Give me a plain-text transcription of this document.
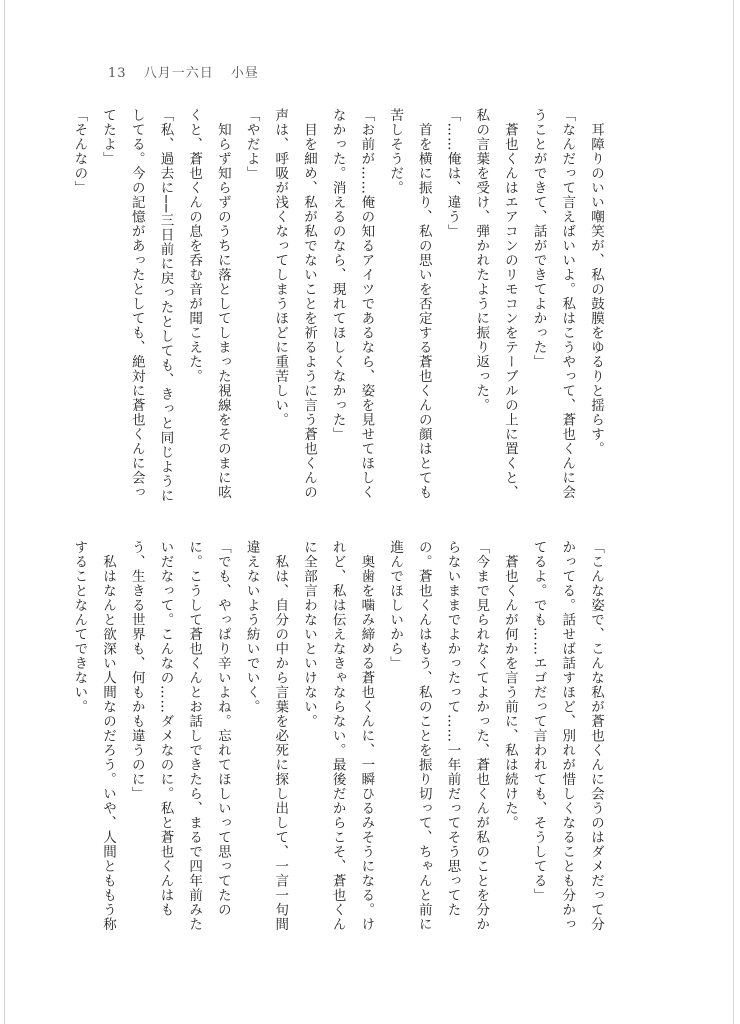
13 八月一六日 小昼

　耳障りのいい嘲笑が、私の鼓膜をゆるりと揺らす。

「なんだって言えばいいよ。私はこうやって、蒼也くんに会うことができて、話ができてよかった」

　蒼也くんはエアコンのリモコンをテーブルの上に置くと、私の言葉を受け、弾かれたように振り返った。

「……俺は、違う」

　首を横に振り、私の思いを否定する蒼也くんの顔はとても苦しそうだ。

「お前が……俺の知るアイツであるなら、姿を見せてほしくなかった。消えるのなら、現れてほしくなかった」

　目を細め、私が私でないことを祈るように言う蒼也くんの声は、呼吸が浅くなってしまうほどに重苦しい。

「やだよ」

　知らず知らずのうちに落としてしまった視線をそのまに呟くと、蒼也くんの息を呑む音が聞こえた。

「私、過去に──三日前に戻ったとしても、きっと同じようにしてる。今の記憶があったとしても、絶対に蒼也くんに会ってたよ」

「そんなの」

「こんな姿で、こんな私が蒼也くんに会うのはダメだって分かってる。話せば話すほど、別れが惜しくなることも分かってるよ。でも……エゴだって言われても、そうしてる」

　蒼也くんが何かを言う前に、私は続けた。

「今まで見られなくてよかった、蒼也くんが私のことを分からないままでよかったって……一年前だってそう思ってたの。蒼也くんはもう、私のことを振り切って、ちゃんと前に進んでほしいから」

　奥歯を噛み締める蒼也くんに、一瞬ひるみそうになる。けれど、私は伝えなきゃならない。最後だからこそ、蒼也くんに全部言わないといけない。

　私は、自分の中から言葉を必死に探し出して、一言一句間違えないよう紡いでいく。

「でも、やっぱり辛いよね。忘れてほしいって思ってたのに。こうして蒼也くんとお話しできたら、まるで四年前みたいだなって。こんなの……ダメなのに。私と蒼也くんはもう、生きる世界も、何もかも違うのに」

　私はなんと欲深い人間なのだろう。いや、人間とももう称することなんてできない。
